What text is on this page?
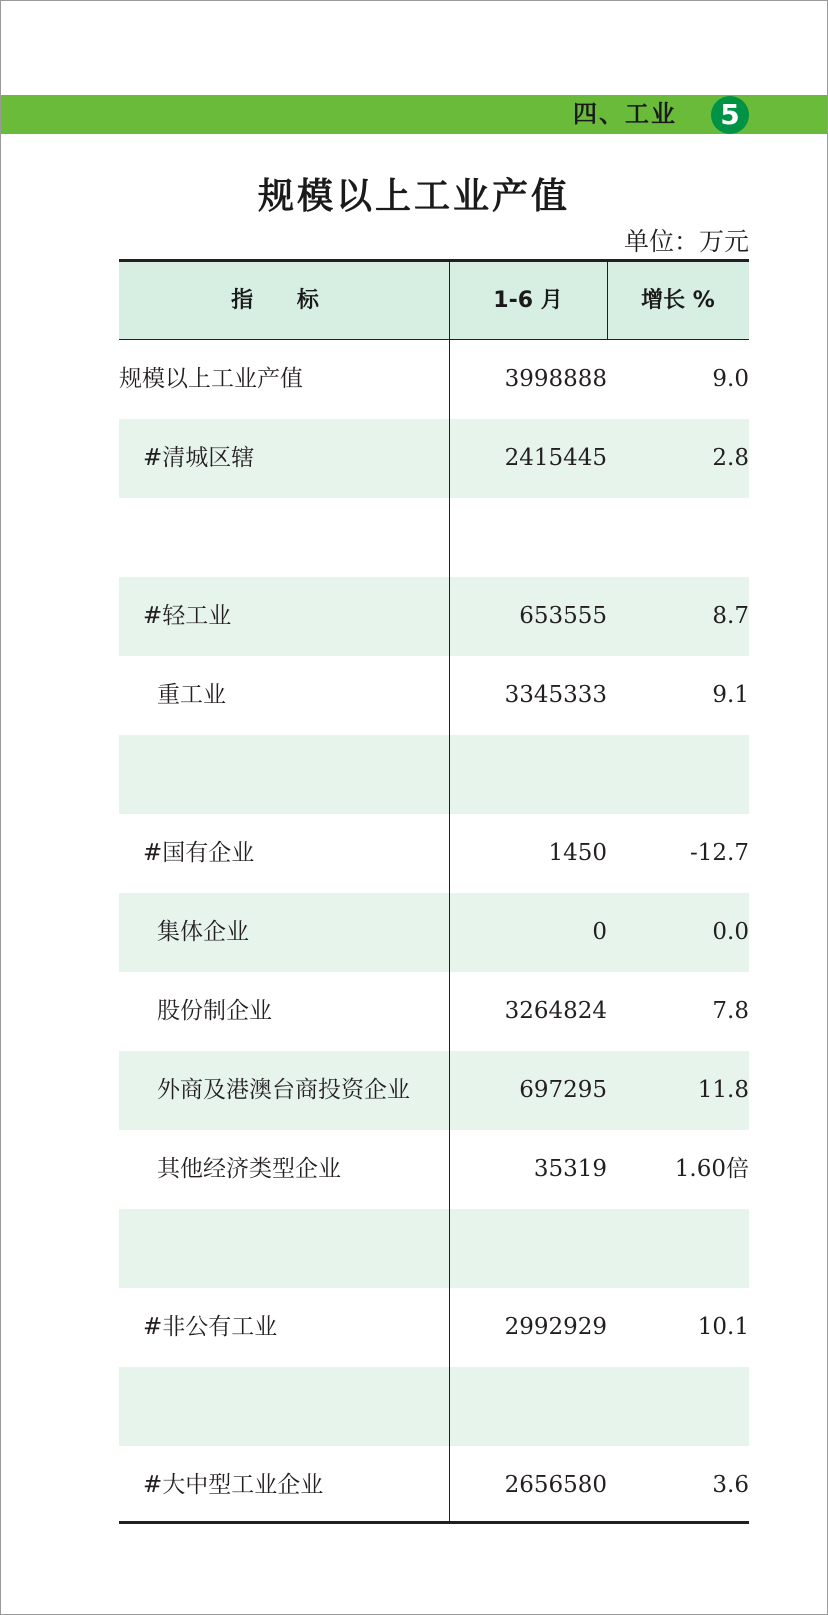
四、工业	5
规模以上工业产值
单位：万元
指 标	1-6 月	增长 %
规模以上工业产值	3998888	9.0
#清城区辖	2415445	2.8
#轻工业	653555	8.7
重工业	3345333	9.1
#国有企业	1450	-12.7
集体企业	0	0.0
股份制企业	3264824	7.8
外商及港澳台商投资企业	697295	11.8
其他经济类型企业	35319	1.60倍
#非公有工业	2992929	10.1
#大中型工业企业	2656580	3.6
